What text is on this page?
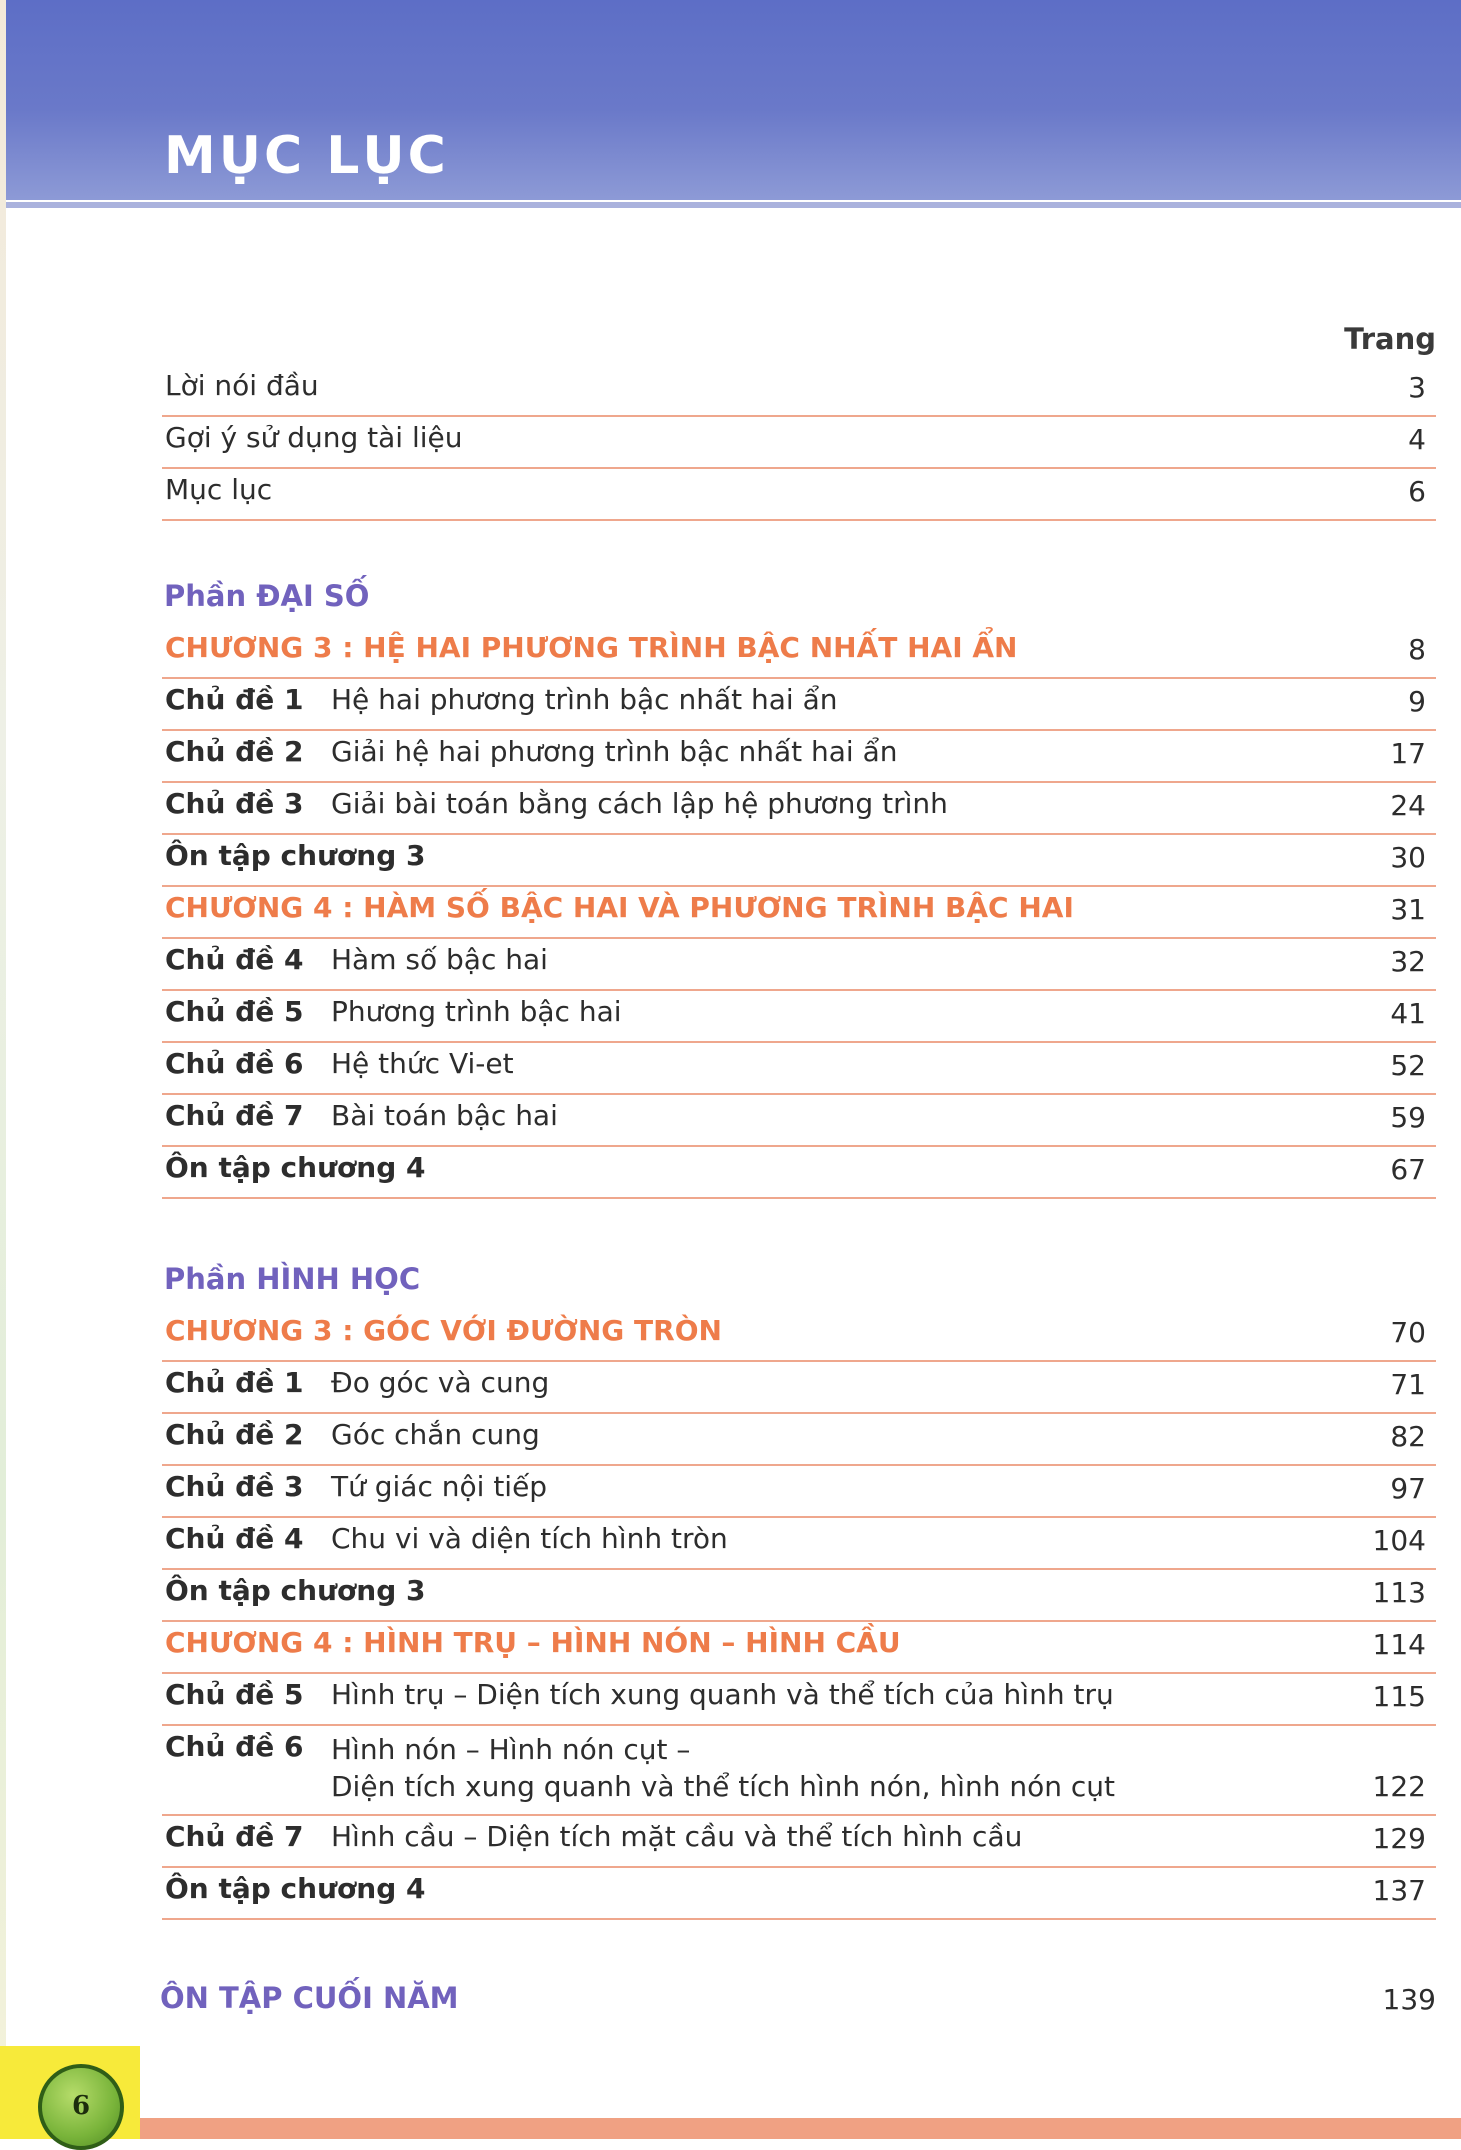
MỤC LỤC
Trang
Lời nói đầu	3
Gợi ý sử dụng tài liệu	4
Mục lục	6
Phần ĐẠI SỐ
CHƯƠNG 3 : HỆ HAI PHƯƠNG TRÌNH BẬC NHẤT HAI ẨN	8
Chủ đề 1 Hệ hai phương trình bậc nhất hai ẩn	9
Chủ đề 2 Giải hệ hai phương trình bậc nhất hai ẩn	17
Chủ đề 3 Giải bài toán bằng cách lập hệ phương trình	24
Ôn tập chương 3	30
CHƯƠNG 4 : HÀM SỐ BẬC HAI VÀ PHƯƠNG TRÌNH BẬC HAI	31
Chủ đề 4 Hàm số bậc hai	32
Chủ đề 5 Phương trình bậc hai	41
Chủ đề 6 Hệ thức Vi-et	52
Chủ đề 7 Bài toán bậc hai	59
Ôn tập chương 4	67
Phần HÌNH HỌC
CHƯƠNG 3 : GÓC VỚI ĐƯỜNG TRÒN	70
Chủ đề 1 Đo góc và cung	71
Chủ đề 2 Góc chắn cung	82
Chủ đề 3 Tứ giác nội tiếp	97
Chủ đề 4 Chu vi và diện tích hình tròn	104
Ôn tập chương 3	113
CHƯƠNG 4 : HÌNH TRỤ – HÌNH NÓN – HÌNH CẦU	114
Chủ đề 5 Hình trụ – Diện tích xung quanh và thể tích của hình trụ	115
Chủ đề 6 Hình nón – Hình nón cụt –
Diện tích xung quanh và thể tích hình nón, hình nón cụt	122
Chủ đề 7 Hình cầu – Diện tích mặt cầu và thể tích hình cầu	129
Ôn tập chương 4	137
ÔN TẬP CUỐI NĂM	139
6
